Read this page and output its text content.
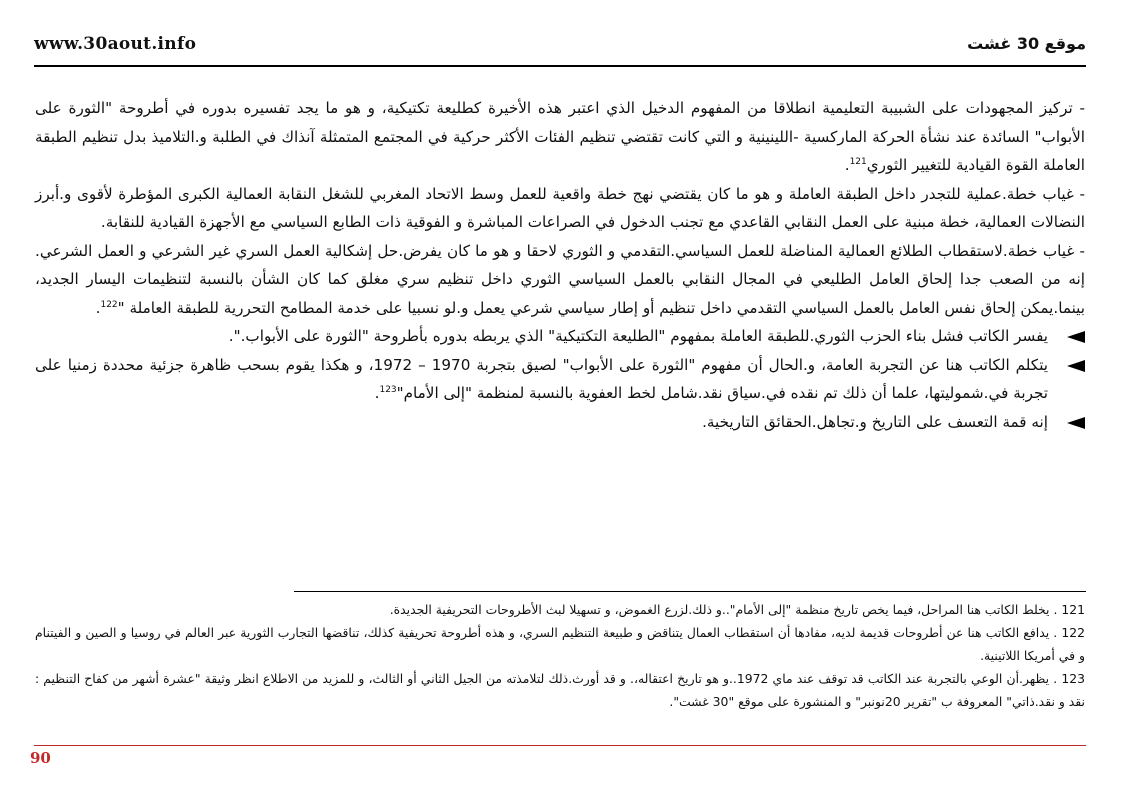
www.30aout.info	موقع 30 غشت

- تركيز المجهودات على الشبيبة التعليمية انطلاقا من المفهوم الدخيل الذي اعتبر هذه الأخيرة كطليعة تكتيكية، و هو ما يجد تفسيره بدوره في أطروحة "الثورة على الأبواب" السائدة عند نشأة الحركة الماركسية -اللينينية و التي كانت تقتضي تنظيم الفئات الأكثر حركية في المجتمع المتمثلة آنذاك في الطلبة و.التلاميذ بدل تنظيم الطبقة العاملة القوة القيادية للتغيير الثوري$^{121}$.

- غياب خطة.عملية للتجدر داخل الطبقة العاملة و هو ما كان يقتضي نهج خطة واقعية للعمل وسط الاتحاد المغربي للشغل النقابة العمالية الكبرى المؤطرة لأقوى و.أبرز النضالات العمالية، خطة مبنية على العمل النقابي القاعدي مع تجنب الدخول في الصراعات المباشرة و الفوقية ذات الطابع السياسي مع الأجهزة القيادية للنقابة.

- غياب خطة.لاستقطاب الطلائع العمالية المناضلة للعمل السياسي.التقدمي و الثوري لاحقا و هو ما كان يفرض.حل إشكالية العمل السري غير الشرعي و العمل الشرعي. إنه من الصعب جدا إلحاق العامل الطليعي في المجال النقابي بالعمل السياسي الثوري داخل تنظيم سري مغلق كما كان الشأن بالنسبة لتنظيمات اليسار الجديد، بينما.يمكن إلحاق نفس العامل بالعمل السياسي التقدمي داخل تنظيم أو إطار سياسي شرعي يعمل و.لو نسبيا على خدمة المطامح التحررية للطبقة العاملة "$^{122}$.

يفسر الكاتب فشل بناء الحزب الثوري.للطبقة العاملة بمفهوم "الطليعة التكتيكية" الذي يربطه بدوره بأطروحة "الثورة على الأبواب.".

يتكلم الكاتب هنا عن التجربة العامة، و.الحال أن مفهوم "الثورة على الأبواب" لصيق بتجربة 1970 – 1972، و هكذا يقوم بسحب ظاهرة جزئية محددة زمنيا على تجربة في.شموليتها، علما أن ذلك تم نقده في.سياق نقد.شامل لخط العفوية بالنسبة لمنظمة "إلى الأمام"$^{123}$.

إنه قمة التعسف على التاريخ و.تجاهل.الحقائق التاريخية.

121 . يخلط الكاتب هنا المراحل، فيما يخص تاريخ منظمة "إلى الأمام"..و ذلك.لزرع الغموض، و تسهيلا لبث الأطروحات التحريفية الجديدة.

122 . يدافع الكاتب هنا عن أطروحات قديمة لديه، مفادها أن استقطاب العمال يتناقض و طبيعة التنظيم السري، و هذه أطروحة تحريفية كذلك، تناقضها التجارب الثورية عبر العالم في روسيا و الصين و الفيتنام و في أمريكا اللاتينية.

123 . يظهر.أن الوعي بالتجربة عند الكاتب قد توقف عند ماي 1972..و هو تاريخ اعتقاله،. و قد أورث.ذلك لتلامذته من الجيل الثاني أو الثالث، و للمزيد من الاطلاع انظر وثيقة "عشرة أشهر من كفاح التنظيم : نقد و نقد.ذاتي" المعروفة ب "تقرير 20نونبر" و المنشورة على موقع "30 غشت".

90
